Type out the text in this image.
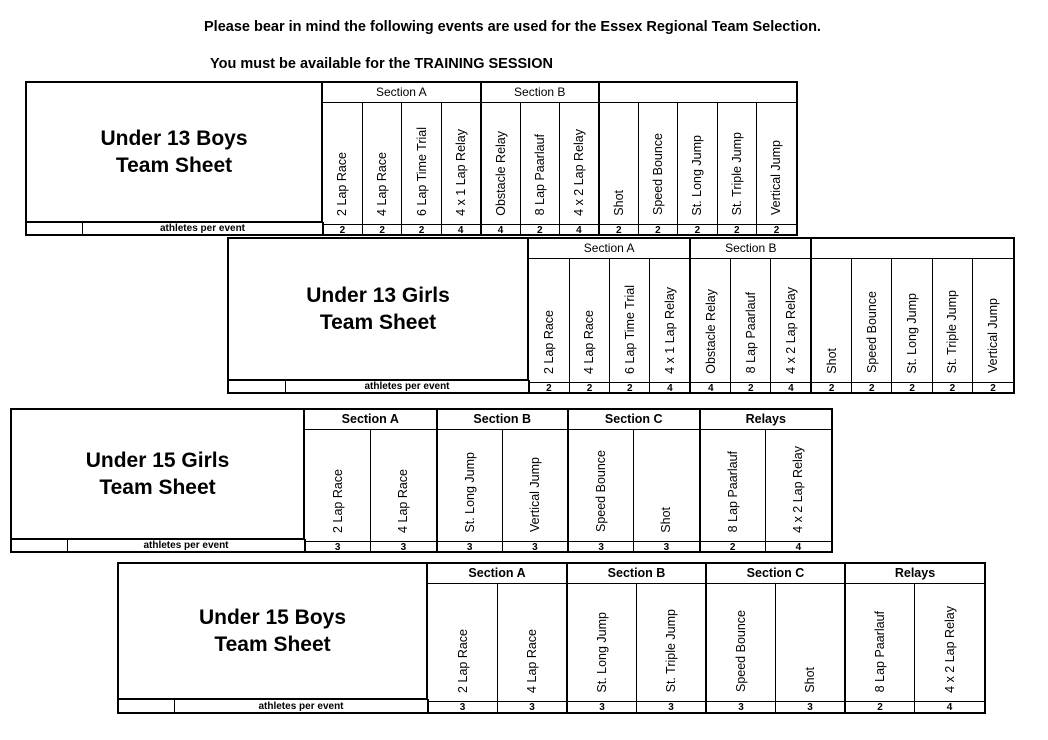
Please bear in mind the following events are used for the Essex Regional Team Selection.
You must be available for the TRAINING SESSION
Under 13 Boys
Team Sheet
athletes per event
Section A				Section B							

2 Lap Race	4 Lap Race	6 Lap Time Trial	4 x 1 Lap Relay	Obstacle Relay	8 Lap Paarlauf	4 x 2 Lap Relay	Shot	Speed Bounce	St. Long Jump	St. Triple Jump	Vertical Jump

2	2	2	4	4	2	4	2	2	2	2	2
Under 13 Girls
Team Sheet
athletes per event
Section A				Section B							

2 Lap Race	4 Lap Race	6 Lap Time Trial	4 x 1 Lap Relay	Obstacle Relay	8 Lap Paarlauf	4 x 2 Lap Relay	Shot	Speed Bounce	St. Long Jump	St. Triple Jump	Vertical Jump

2	2	2	4	4	2	4	2	2	2	2	2
Under 15 Girls
Team Sheet
athletes per event
Section A		Section B		Section C		Relays	

2 Lap Race	4 Lap Race	St. Long Jump	Vertical Jump	Speed Bounce	Shot	8 Lap Paarlauf	4 x 2 Lap Relay

3	3	3	3	3	3	2	4
Under 15 Boys
Team Sheet
athletes per event
Section A		Section B		Section C		Relays	

2 Lap Race	4 Lap Race	St. Long Jump	St. Triple Jump	Speed Bounce	Shot	8 Lap Paarlauf	4 x 2 Lap Relay

3	3	3	3	3	3	2	4
